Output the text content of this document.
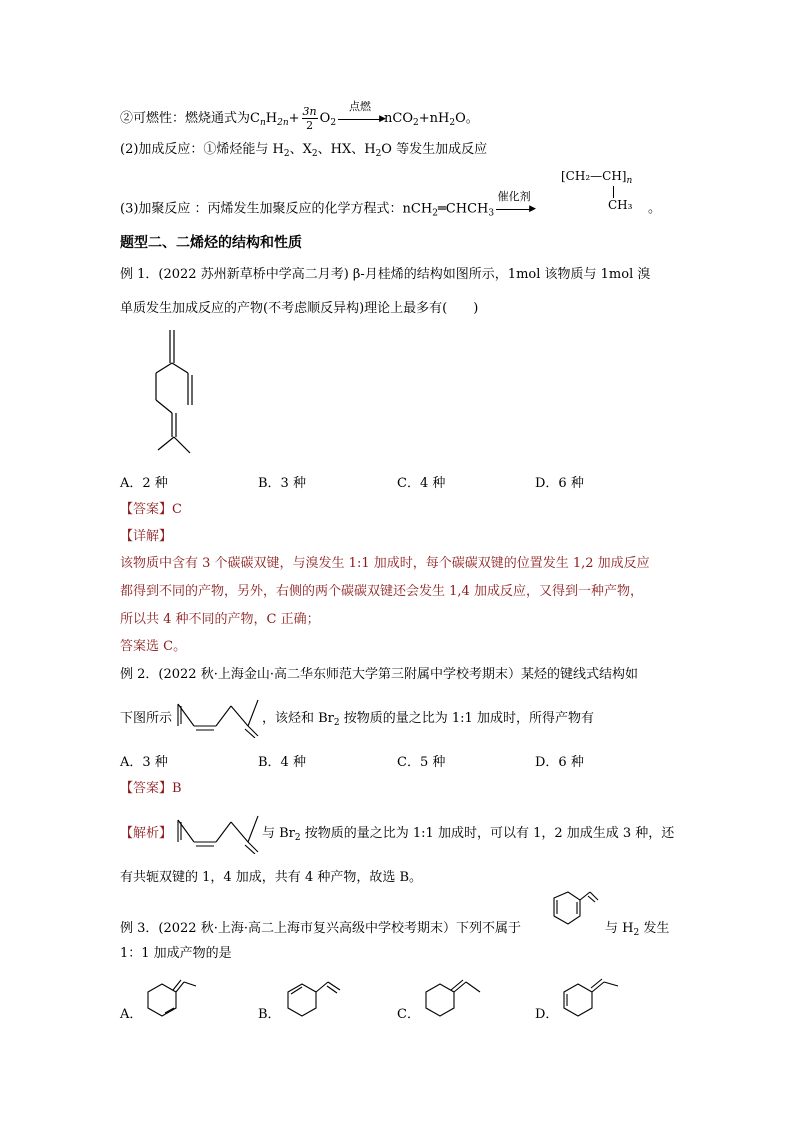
②可燃性：燃烧通式为$C_nH_{2n}+ \frac{3n}{2} O_2$
点燃
▶
$nCO_2+nH_2O$。
(2)加成反应：①烯烃能与 $H_2$、$X_2$、HX、$H_2O$ 等发生加成反应
(3)加聚反应 ：丙烯发生加聚反应的化学方程式：$nCH_2═CHCH_3$
催化剂
▶
$[CH_2—CH]_n$
CH₃ 。
题型二、二烯烃的结构和性质
例 1．(2022 苏州新草桥中学高二月考) β-月桂烯的结构如图所示，1mol 该物质与 1mol 溴
单质发生加成反应的产物(不考虑顺反异构)理论上最多有(　　)
A．2 种	B．3 种	C．4 种	D．6 种
【答案】C
【详解】
该物质中含有 3 个碳碳双键，与溴发生 1:1 加成时，每个碳碳双键的位置发生 1,2 加成反应
都得到不同的产物，另外，右侧的两个碳碳双键还会发生 1,4 加成反应，又得到一种产物，
所以共 4 种不同的产物，C 正确；
答案选 C。
例 2．(2022 秋·上海金山·高二华东师范大学第三附属中学校考期末）某烃的键线式结构如
下图所示	，该烃和 $Br_2$ 按物质的量之比为 1:1 加成时，所得产物有
A．3 种	B．4 种	C．5 种	D．6 种
【答案】B
【解析】	与 $Br_2$ 按物质的量之比为 1:1 加成时，可以有 1，2 加成生成 3 种，还
有共轭双键的 1，4 加成，共有 4 种产物，故选 B。
例 3．(2022 秋·上海·高二上海市复兴高级中学校考期末）下列不属于	与 $H_2$ 发生
1：1 加成产物的是
A．	B．	C．	D．
